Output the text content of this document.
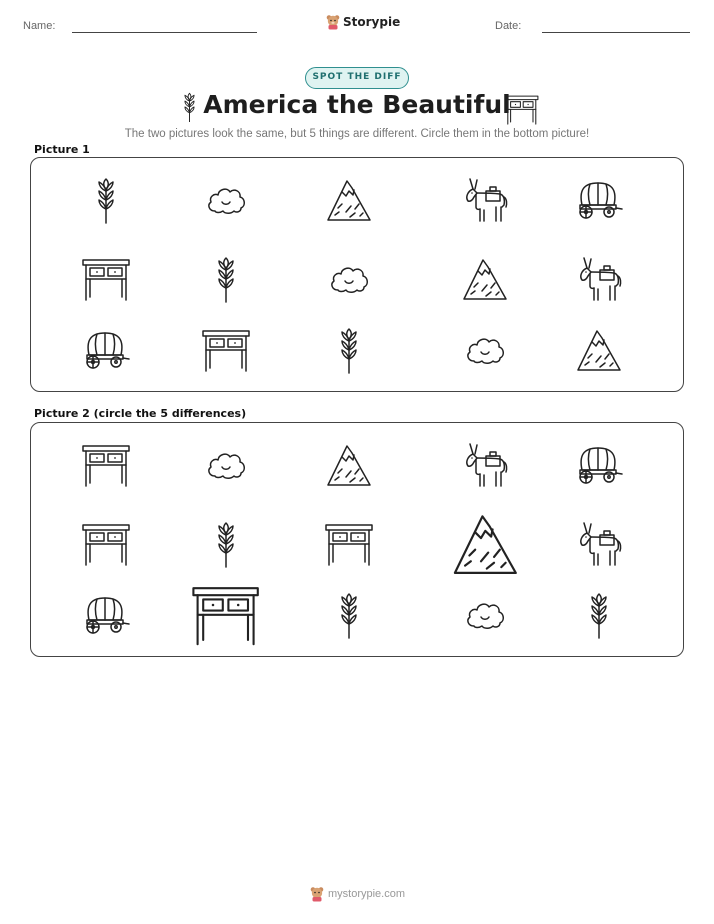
Name:	Storypie	Date:
SPOT THE DIFF
America the Beautiful
The two pictures look the same, but 5 things are different. Circle them in the bottom picture!
Picture 1
Picture 2 (circle the 5 differences)
mystorypie.com
